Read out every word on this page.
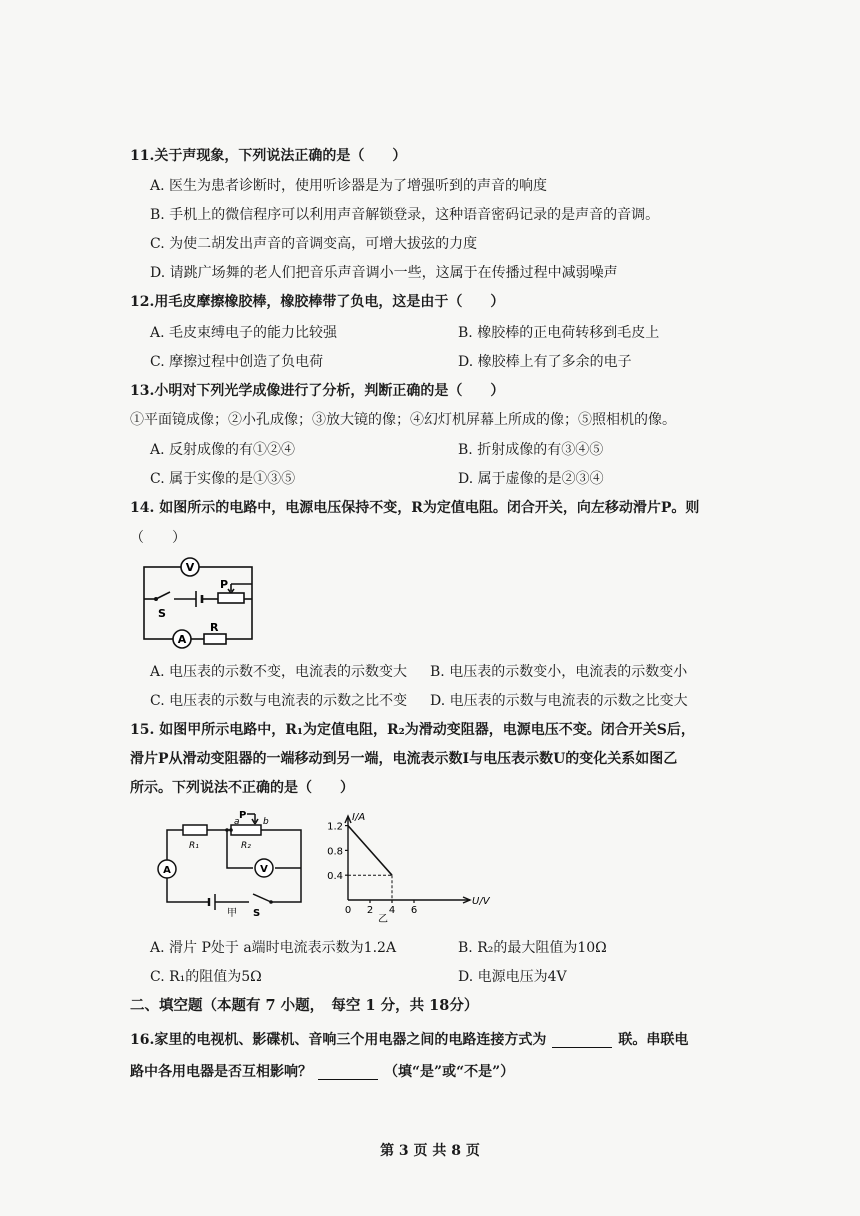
11.关于声现象，下列说法正确的是（　　）
A. 医生为患者诊断时，使用听诊器是为了增强听到的声音的响度
B. 手机上的微信程序可以利用声音解锁登录，这种语音密码记录的是声音的音调。
C. 为使二胡发出声音的音调变高，可增大拔弦的力度
D. 请跳广场舞的老人们把音乐声音调小一些，这属于在传播过程中减弱噪声
12.用毛皮摩擦橡胶棒，橡胶棒带了负电，这是由于（　　）
A. 毛皮束缚电子的能力比较强	B. 橡胶棒的正电荷转移到毛皮上
C. 摩擦过程中创造了负电荷	D. 橡胶棒上有了多余的电子
13.小明对下列光学成像进行了分析，判断正确的是（　　）
①平面镜成像；②小孔成像；③放大镜的像；④幻灯机屏幕上所成的像；⑤照相机的像。
A. 反射成像的有①②④	B. 折射成像的有③④⑤
C. 属于实像的是①③⑤	D. 属于虚像的是②③④
14. 如图所示的电路中，电源电压保持不变，R为定值电阻。闭合开关，向左移动滑片P。则
（　　）
V
A
S
P
R
A. 电压表的示数不变，电流表的示数变大 B. 电压表的示数变小，电流表的示数变小
C. 电压表的示数与电流表的示数之比不变 D. 电压表的示数与电流表的示数之比变大
15. 如图甲所示电路中，R₁为定值电阻，R₂为滑动变阻器，电源电压不变。闭合开关S后，
滑片P从滑动变阻器的一端移动到另一端，电流表示数I与电压表示数U的变化关系如图乙
所示。下列说法不正确的是（　　）
A	V
R₁	R₂
a	b
P
S
甲
0.4
0.8
1.2
0 2 4 6
I/A
U/V
乙
A. 滑片 P处于 a端时电流表示数为1.2A	B. R₂的最大阻值为10Ω
C. R₁的阻值为5Ω	D. 电源电压为4V
二、填空题（本题有 7 小题，　每空 1 分，共 18分）
16.家里的电视机、影碟机、音响三个用电器之间的电路连接方式为	联。串联电
路中各用电器是否互相影响？	（填“是”或“不是”）
第 3 页 共 8 页
